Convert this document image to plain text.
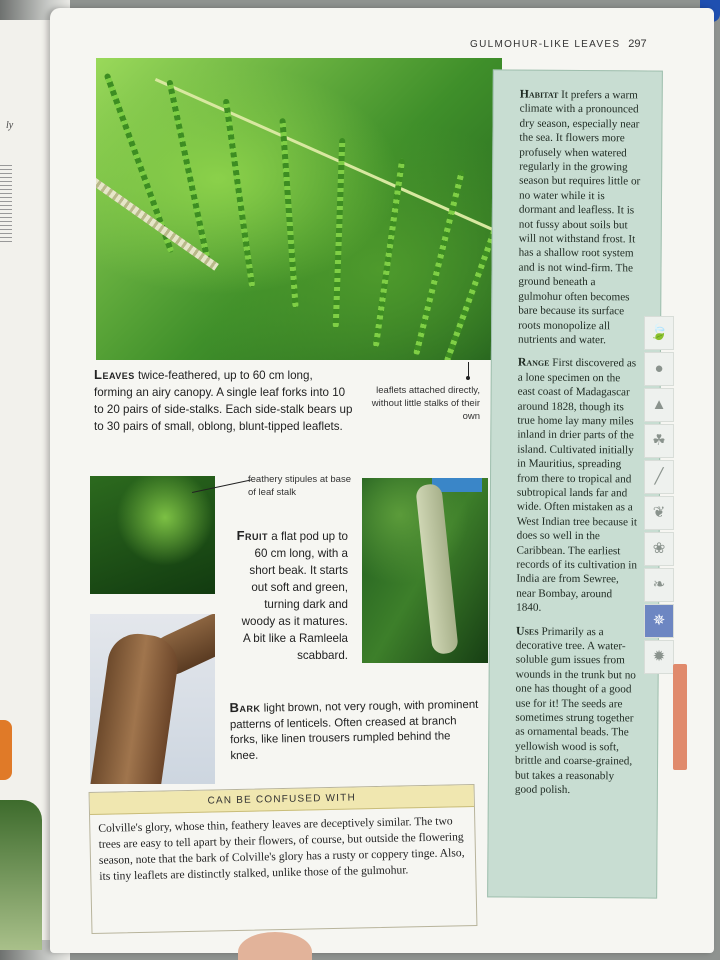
ly
GULMOHUR-LIKE LEAVES 297
Leaves twice-feathered, up to 60 cm long, forming an airy canopy. A single leaf forks into 10 to 20 pairs of side-stalks. Each side-stalk bears up to 30 pairs of small, oblong, blunt-tipped leaflets.
leaflets attached directly, without little stalks of their own
feathery stipules at base of leaf stalk
Fruit a flat pod up to 60 cm long, with a short beak. It starts out soft and green, turning dark and woody as it matures. A bit like a Ramleela scabbard.
Bark light brown, not very rough, with prominent patterns of lenticels. Often creased at branch forks, like linen trousers rumpled behind the knee.
CAN BE CONFUSED WITH
Colville's glory, whose thin, feathery leaves are deceptively similar. The two trees are easy to tell apart by their flowers, of course, but outside the flowering season, note that the bark of Colville's glory has a rusty or coppery tinge. Also, its tiny leaflets are distinctly stalked, unlike those of the gulmohur.

Habitat It prefers a warm climate with a pronounced dry season, especially near the sea. It flowers more profusely when watered regularly in the growing season but requires little or no water while it is dormant and leafless. It is not fussy about soils but will not withstand frost. It has a shallow root system and is not wind-firm. The ground beneath a gulmohur often becomes bare because its surface roots monopolize all nutrients and water.

Range First discovered as a lone specimen on the east coast of Madagascar around 1828, though its true home lay many miles inland in drier parts of the island. Cultivated initially in Mauritius, spreading from there to tropical and subtropical lands far and wide. Often mistaken as a West Indian tree because it does so well in the Caribbean. The earliest records of its cultivation in India are from Sewree, near Bombay, around 1840.

Uses Primarily as a decorative tree. A water-soluble gum issues from wounds in the trunk but no one has thought of a good use for it! The seeds are sometimes strung together as ornamental beads. The yellowish wood is soft, brittle and coarse-grained, but takes a reasonably good polish.

🍃
●
▲
☘
╱
❦
❀
❧
✵
✹
